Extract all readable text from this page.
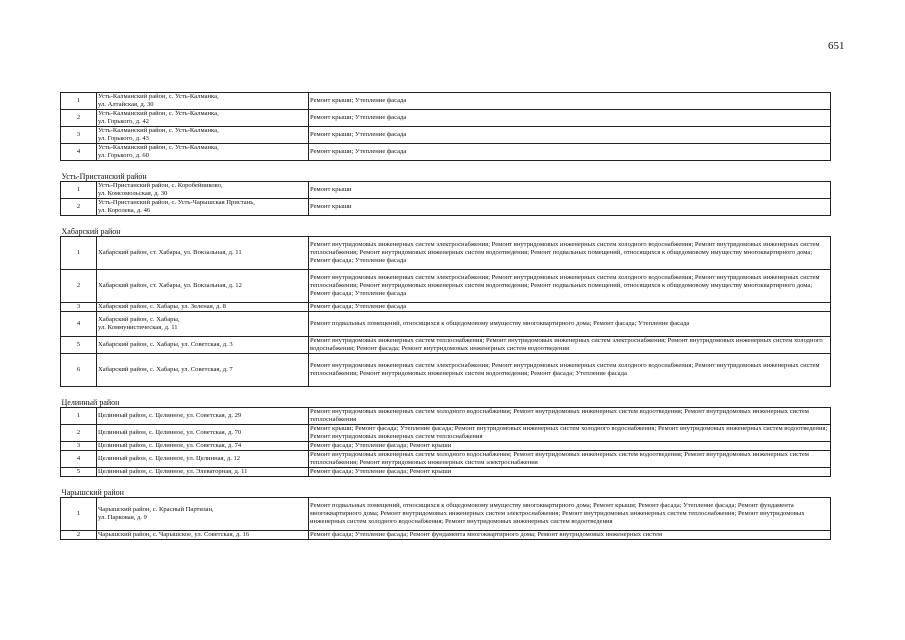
651
1	Усть-Калманский район, с. Усть-Калманка,
ул. Алтайская, д. 30	Ремонт крыши; Утепление фасада
2	Усть-Калманский район, с. Усть-Калманка,
ул. Горького, д. 42	Ремонт крыши; Утепление фасада
3	Усть-Калманский район, с. Усть-Калманка,
ул. Горького, д. 43	Ремонт крыши; Утепление фасада
4	Усть-Калманский район, с. Усть-Калманка,
ул. Горького, д. 60	Ремонт крыши; Утепление фасада
Усть-Пристанский район		
1	Усть-Пристанский район, с. Коробейниково,
ул. Комсомольская, д. 30	Ремонт крыши
2	Усть-Пристанский район, с. Усть-Чарышская Пристань,
ул. Королева, д. 46	Ремонт крыши
Хабарский район		
1	Хабарский район, ст. Хабары, ул. Вокзальная, д. 11	Ремонт внутридомовых инженерных систем электроснабжения; Ремонт внутридомовых инженерных систем холодного водоснабжения; Ремонт внутридомовых инженерных систем теплоснабжения; Ремонт внутридомовых инженерных систем водоотведения; Ремонт подвальных помещений, относящихся к общедомовому имуществу многоквартирного дома; Ремонт фасада; Утепление фасада
2	Хабарский район, ст. Хабары, ул. Вокзальная, д. 12	Ремонт внутридомовых инженерных систем электроснабжения; Ремонт внутридомовых инженерных систем холодного водоснабжения; Ремонт внутридомовых инженерных систем теплоснабжения; Ремонт внутридомовых инженерных систем водоотведения; Ремонт подвальных помещений, относящихся к общедомовому имуществу многоквартирного дома; Ремонт фасада; Утепление фасада
3	Хабарский район, с. Хабары, ул. Зеленая, д. 8	Ремонт фасада; Утепление фасада
4	Хабарский район, с. Хабары,
ул. Коммунистическая, д. 11	Ремонт подвальных помещений, относящихся к общедомовому имуществу многоквартирного дома; Ремонт фасада; Утепление фасада
5	Хабарский район, с. Хабары, ул. Советская, д. 3	Ремонт внутридомовых инженерных систем теплоснабжения; Ремонт внутридомовых инженерных систем электроснабжения; Ремонт внутридомовых инженерных систем холодного водоснабжения; Ремонт фасада; Ремонт внутридомовых инженерных систем водоотведения
6	Хабарский район, с. Хабары, ул. Советская, д. 7	Ремонт внутридомовых инженерных систем электроснабжения; Ремонт внутридомовых инженерных систем холодного водоснабжения; Ремонт внутридомовых инженерных систем теплоснабжения; Ремонт внутридомовых инженерных систем водоотведения; Ремонт фасада; Утепление фасада
Целинный район		
1	Целинный район, с. Целинное, ул. Советская, д. 29	Ремонт внутридомовых инженерных систем холодного водоснабжения; Ремонт внутридомовых инженерных систем водоотведения; Ремонт внутридомовых инженерных систем теплоснабжения
2	Целинный район, с. Целинное, ул. Советская, д. 70	Ремонт крыши; Ремонт фасада; Утепление фасада; Ремонт внутридомовых инженерных систем холодного водоснабжения; Ремонт внутридомовых инженерных систем водоотведения; Ремонт внутридомовых инженерных систем теплоснабжения
3	Целинный район, с. Целинное, ул. Советская, д. 74	Ремонт фасада; Утепление фасада; Ремонт крыши
4	Целинный район, с. Целинное, ул. Целинная, д. 12	Ремонт внутридомовых инженерных систем холодного водоснабжения; Ремонт внутридомовых инженерных систем водоотведения; Ремонт внутридомовых инженерных систем теплоснабжения; Ремонт внутридомовых инженерных систем электроснабжения
5	Целинный район, с. Целинное, ул. Элеваторная, д. 11	Ремонт фасада; Утепление фасада; Ремонт крыши
Чарышский район		
1	Чарышский район, с. Красный Партизан,
ул. Парковая, д. 9	Ремонт подвальных помещений, относящихся к общедомовому имуществу многоквартирного дома; Ремонт крыши; Ремонт фасада; Утепление фасада; Ремонт фундамента многоквартирного дома; Ремонт внутридомовых инженерных систем электроснабжения; Ремонт внутридомовых инженерных систем теплоснабжения; Ремонт внутридомовых инженерных систем холодного водоснабжения; Ремонт внутридомовых инженерных систем водоотведения
2	Чарышский район, с. Чарышское, ул. Советская, д. 16	Ремонт фасада; Утепление фасада; Ремонт фундамента многоквартирного дома; Ремонт внутридомовых инженерных систем
